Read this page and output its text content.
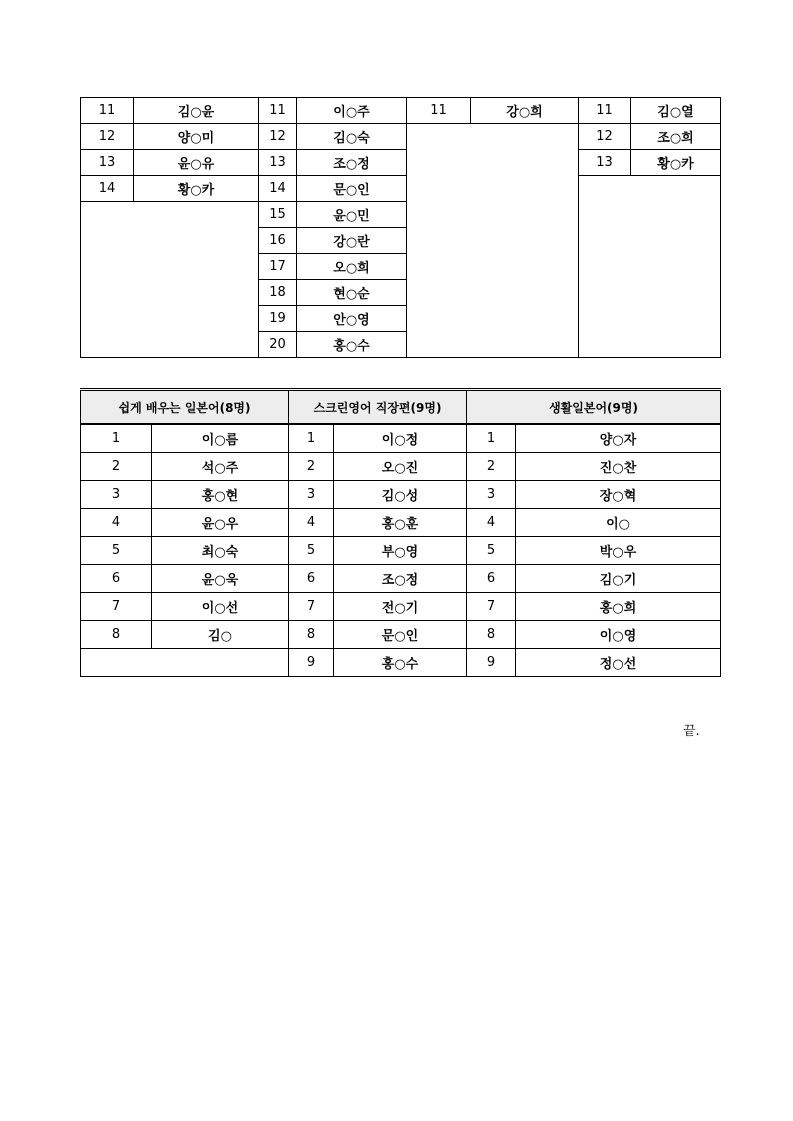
11	김○윤	11	이○주	11	강○희	11	김○열
12	양○미	12	김○숙			12	조○희
13	윤○유	13	조○정			13	황○카
14	황○카	14	문○인				
		15	윤○민				
		16	강○란				
		17	오○희				
		18	현○순				
		19	안○영				
		20	홍○수				
쉽게 배우는 일본어(8명)		스크린영어 직장편(9명)		생활일본어(9명)	
1	이○름	1	이○정	1	양○자
2	석○주	2	오○진	2	진○찬
3	홍○현	3	김○성	3	장○혁
4	윤○우	4	홍○훈	4	이○
5	최○숙	5	부○영	5	박○우
6	윤○욱	6	조○정	6	김○기
7	이○선	7	전○기	7	홍○희
8	김○	8	문○인	8	이○영
		9	홍○수	9	정○선
끝.
